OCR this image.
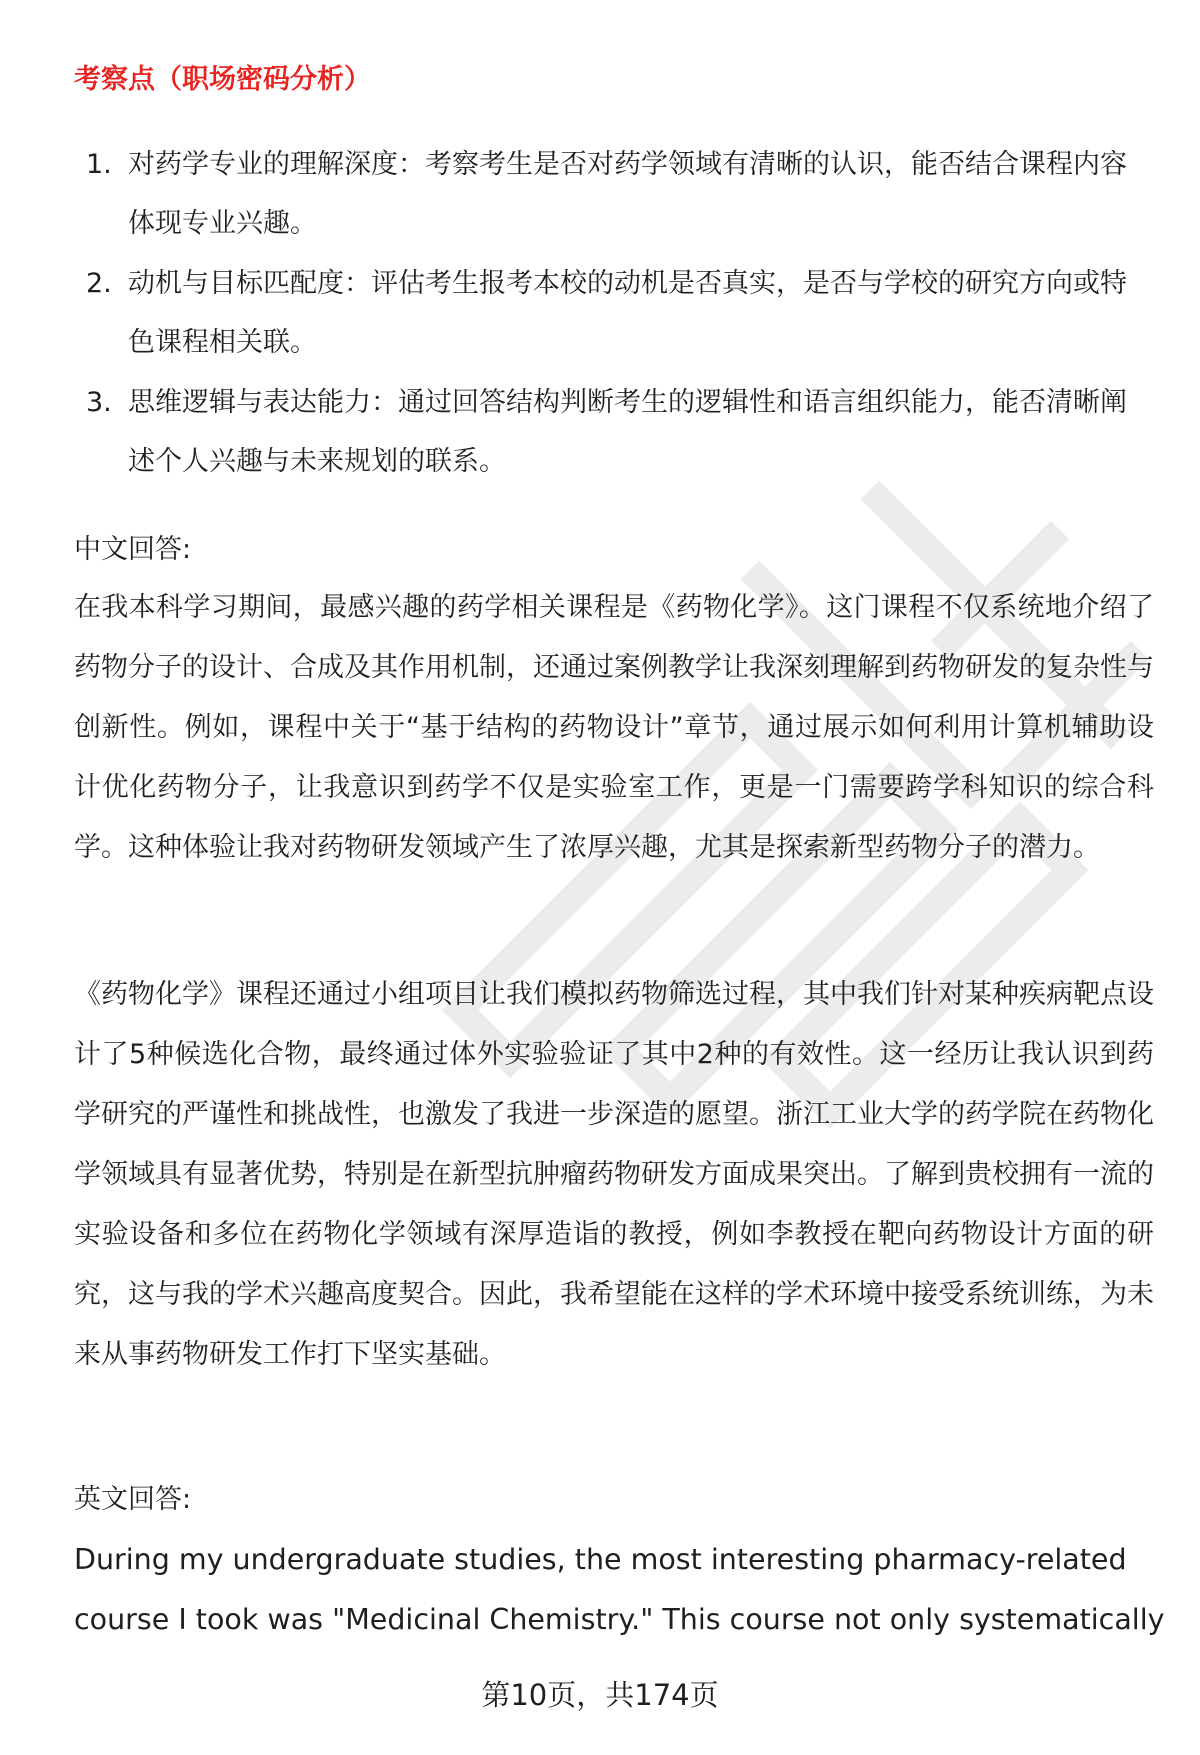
考察点（职场密码分析）
1. 对药学专业的理解深度：考察考生是否对药学领域有清晰的认识，能否结合课程内容体现专业兴趣。
2. 动机与目标匹配度：评估考生报考本校的动机是否真实，是否与学校的研究方向或特色课程相关联。
3. 思维逻辑与表达能力：通过回答结构判断考生的逻辑性和语言组织能力，能否清晰阐述个人兴趣与未来规划的联系。
中文回答:

在我本科学习期间，最感兴趣的药学相关课程是《药物化学》。这门课程不仅系统地介绍了药物分子的设计、合成及其作用机制，还通过案例教学让我深刻理解到药物研发的复杂性与创新性。例如，课程中关于“基于结构的药物设计”章节，通过展示如何利用计算机辅助设计优化药物分子，让我意识到药学不仅是实验室工作，更是一门需要跨学科知识的综合科学。这种体验让我对药物研发领域产生了浓厚兴趣，尤其是探索新型药物分子的潜力。

《药物化学》课程还通过小组项目让我们模拟药物筛选过程，其中我们针对某种疾病靶点设计了5种候选化合物，最终通过体外实验验证了其中2种的有效性。这一经历让我认识到药学研究的严谨性和挑战性，也激发了我进一步深造的愿望。浙江工业大学的药学院在药物化学领域具有显著优势，特别是在新型抗肿瘤药物研发方面成果突出。了解到贵校拥有一流的实验设备和多位在药物化学领域有深厚造诣的教授，例如李教授在靶向药物设计方面的研究，这与我的学术兴趣高度契合。因此，我希望能在这样的学术环境中接受系统训练，为未来从事药物研发工作打下坚实基础。

英文回答:
During my undergraduate studies, the most interesting pharmacy-related
course I took was "Medicinal Chemistry." This course not only systematically
第10页，共174页
